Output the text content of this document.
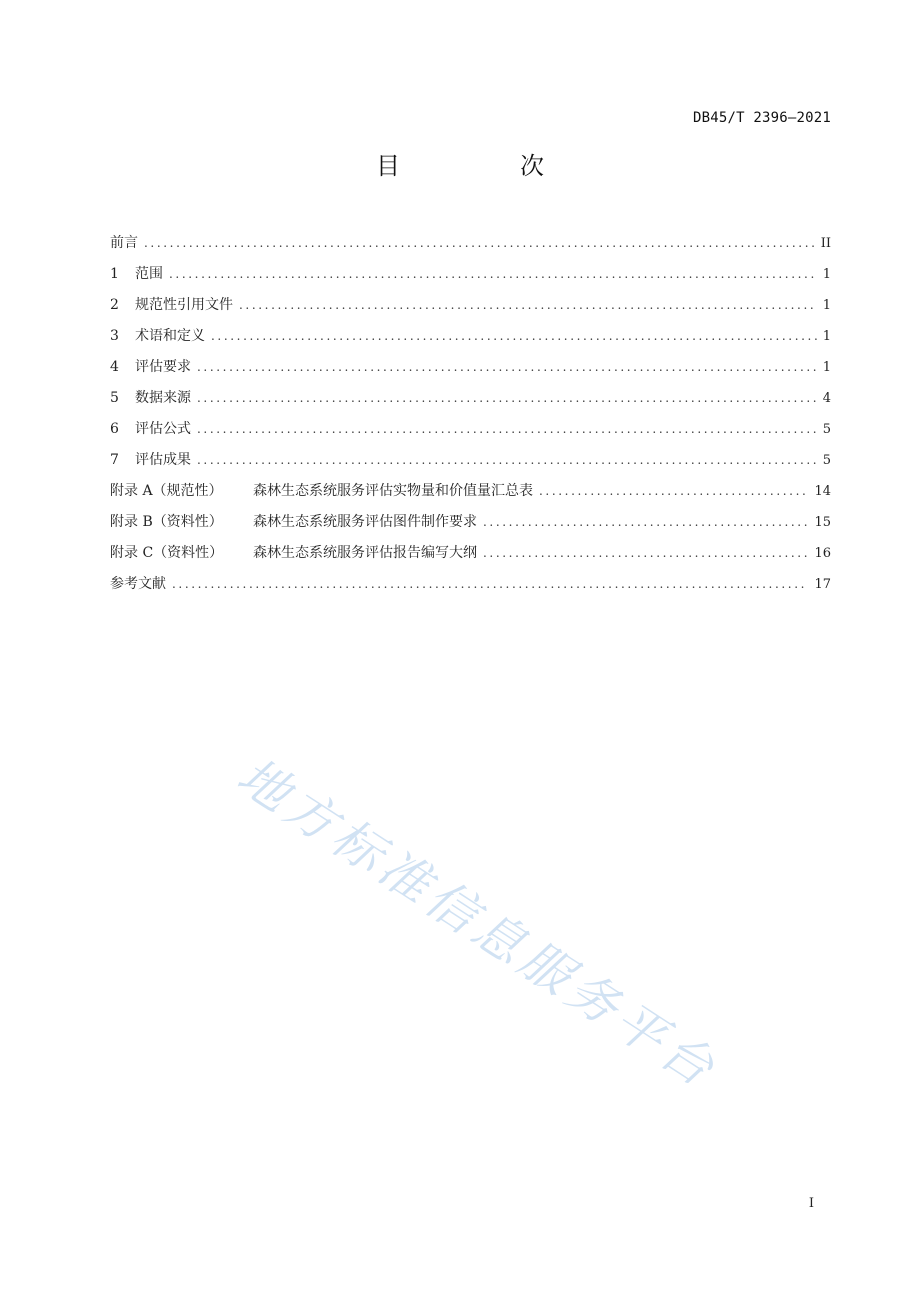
DB45/T 2396—2021
目　次
前言 .....	II
1	范围 .....	1
2	规范性引用文件 .....	1
3	术语和定义 .....	1
4	评估要求 .....	1
5	数据来源 .....	4
6	评估公式 .....	5
7	评估成果 .....	5
附录 A（规范性）	森林生态系统服务评估实物量和价值量汇总表 .....	14
附录 B（资料性）	森林生态系统服务评估图件制作要求 .....	15
附录 C（资料性）	森林生态系统服务评估报告编写大纲 .....	16
参考文献 .....	17
地方标准信息服务平台
I
